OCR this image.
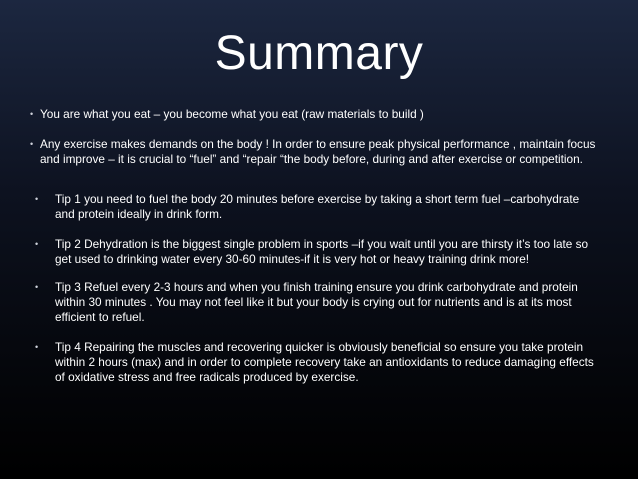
Summary
• You are what you eat – you become what you eat (raw materials to build )
• Any exercise makes demands on the body ! In order to ensure peak physical performance , maintain focus and improve – it is crucial to “fuel” and “repair “the body before, during and after exercise or competition.
•	Tip 1 you need to fuel the body 20 minutes before exercise by taking a short term fuel –carbohydrate and protein ideally in drink form.
•	Tip 2 Dehydration is the biggest single problem in sports –if you wait until you are thirsty it’s too late so get used to drinking water every 30-60 minutes-if it is very hot or heavy training drink more!
•	Tip 3 Refuel every 2-3 hours and when you finish training ensure you drink carbohydrate and protein within 30 minutes . You may not feel like it but your body is crying out for nutrients and is at its most efficient to refuel.
•	Tip 4 Repairing the muscles and recovering quicker is obviously beneficial so ensure you take protein within 2 hours (max) and in order to complete recovery take an antioxidants to reduce damaging effects of oxidative stress and free radicals produced by exercise.
